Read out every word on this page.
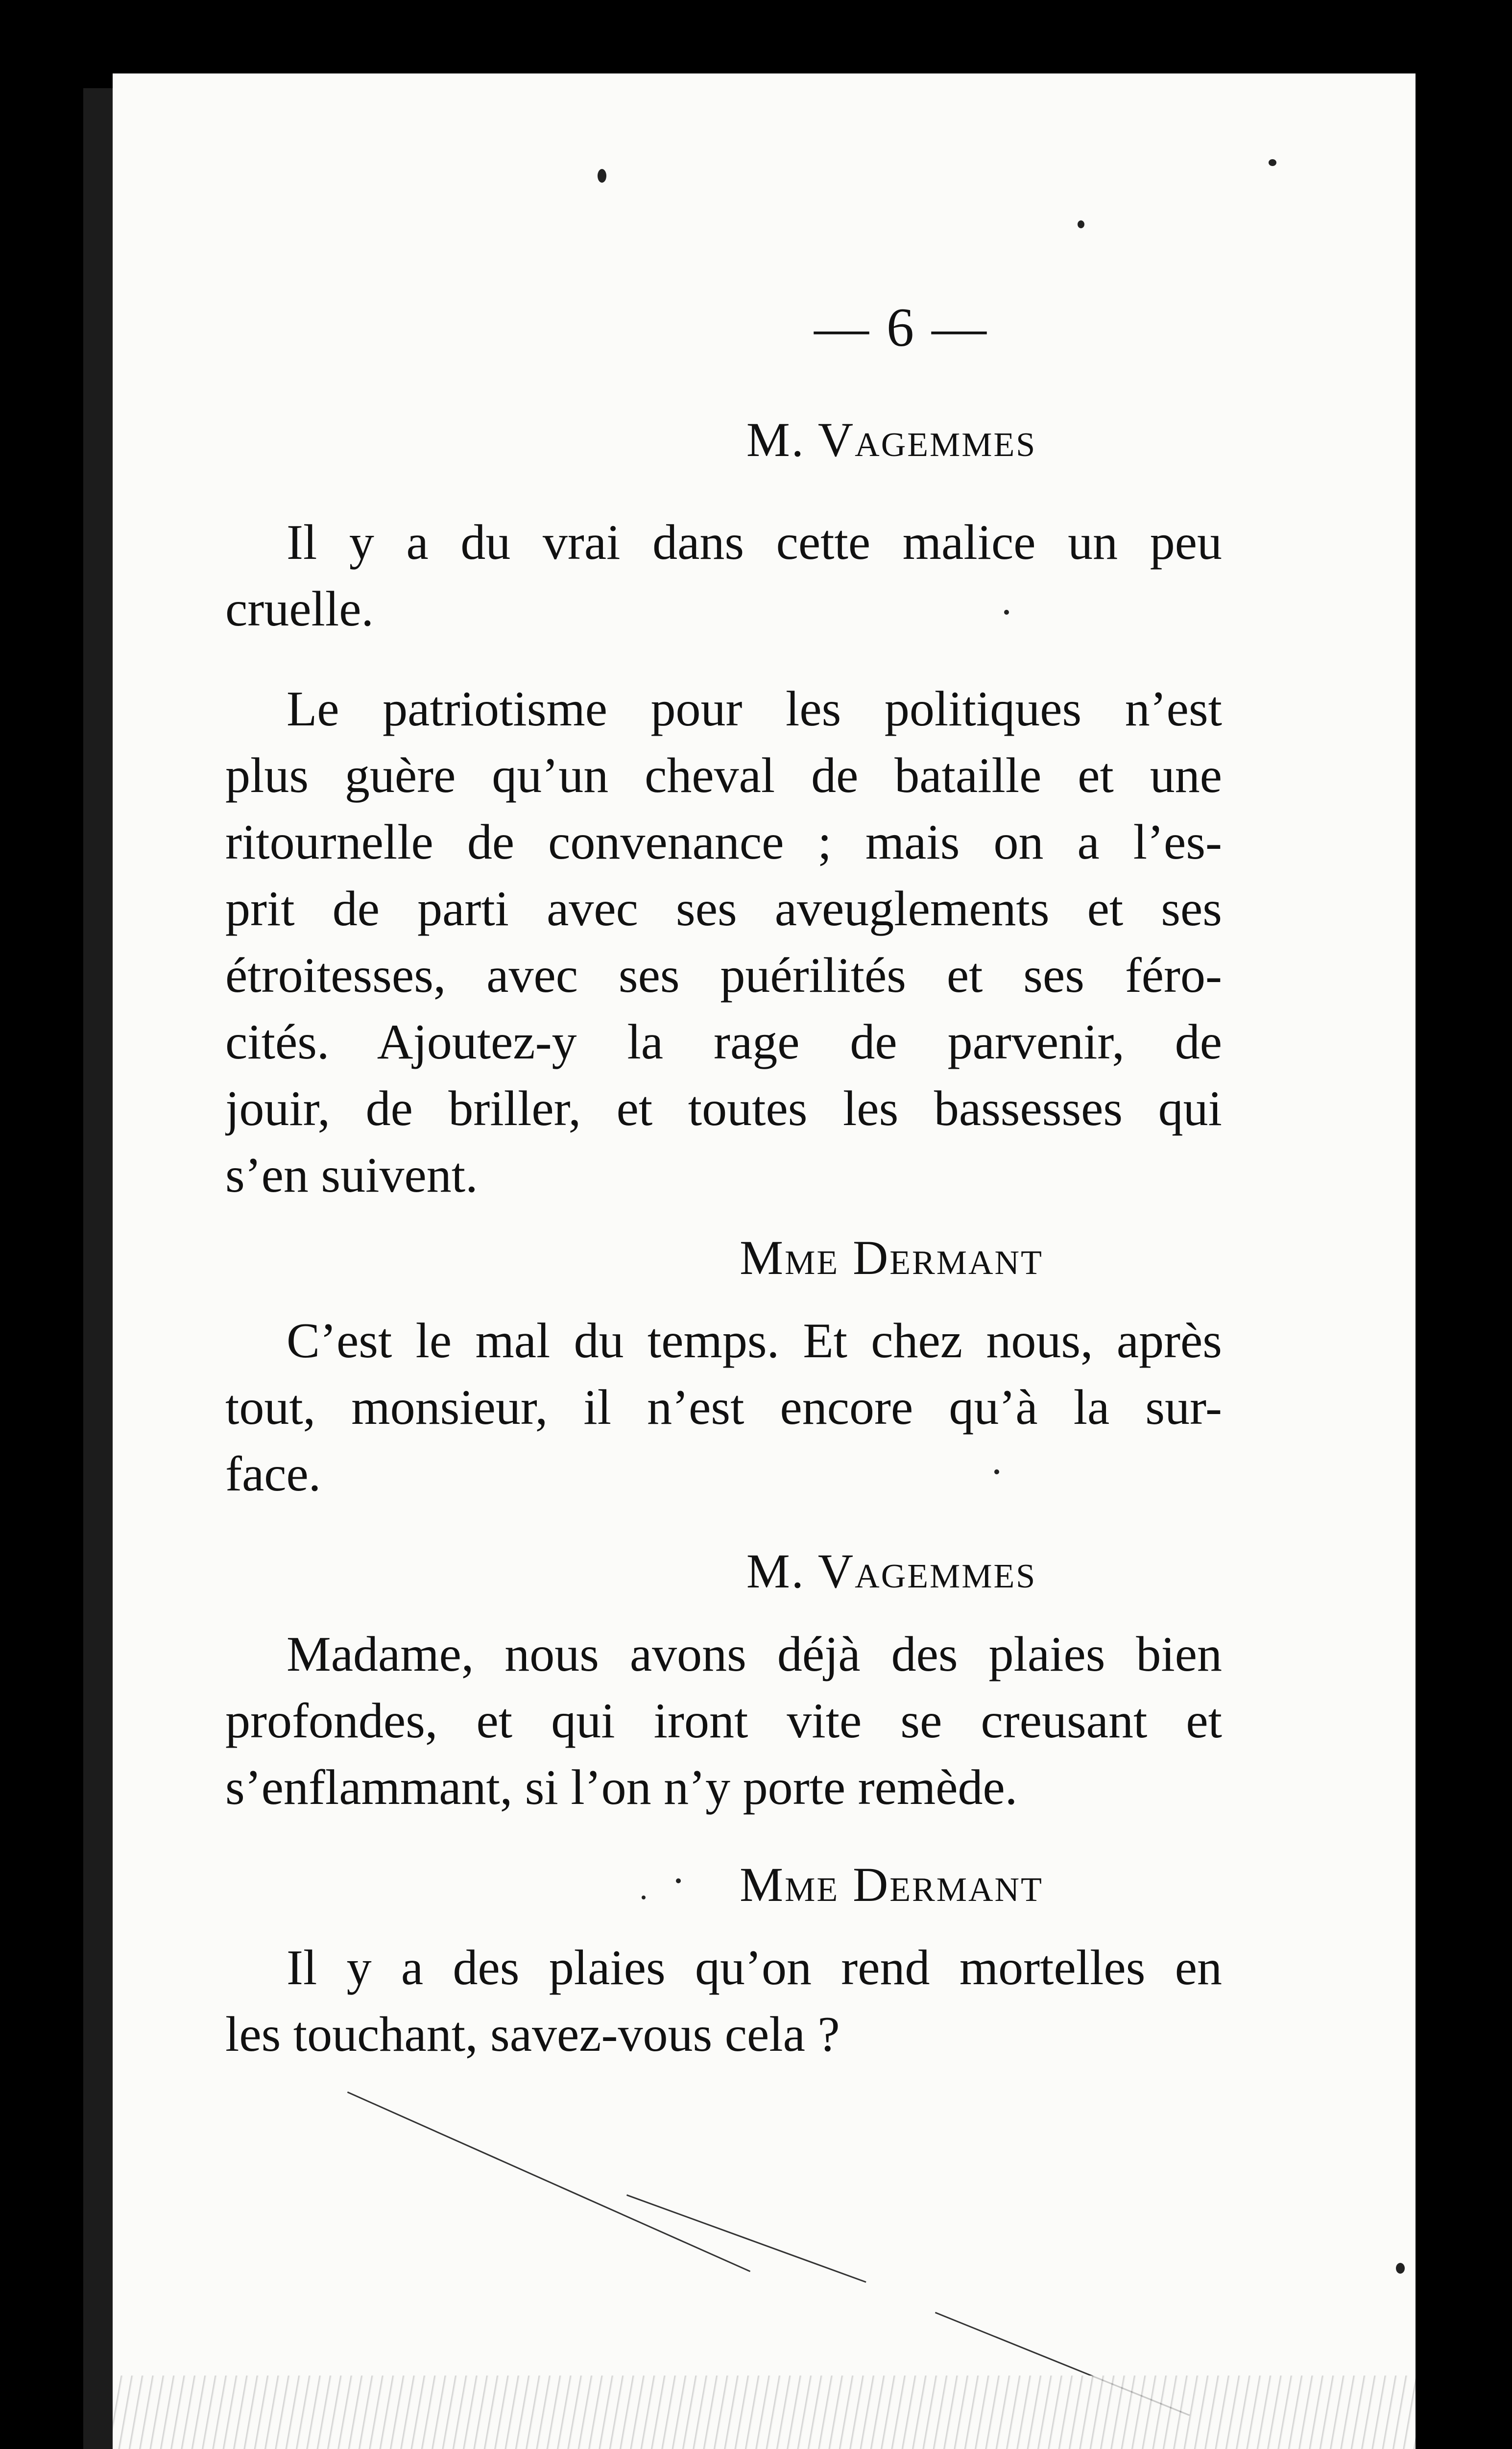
— 6 —
M. Vagemmes
Il y a du vrai dans cette malice un peu
cruelle.
Le patriotisme pour les politiques n’est
plus guère qu’un cheval de bataille et une
ritournelle de convenance ; mais on a l’es-
prit de parti avec ses aveuglements et ses
étroitesses, avec ses puérilités et ses féro-
cités. Ajoutez-y la rage de parvenir, de
jouir, de briller, et toutes les bassesses qui
s’en suivent.
Mme Dermant
C’est le mal du temps. Et chez nous, après
tout, monsieur, il n’est encore qu’à la sur-
face.
M. Vagemmes
Madame, nous avons déjà des plaies bien
profondes, et qui iront vite se creusant et
s’enflammant, si l’on n’y porte remède.
Mme Dermant
Il y a des plaies qu’on rend mortelles en
les touchant, savez-vous cela ?
